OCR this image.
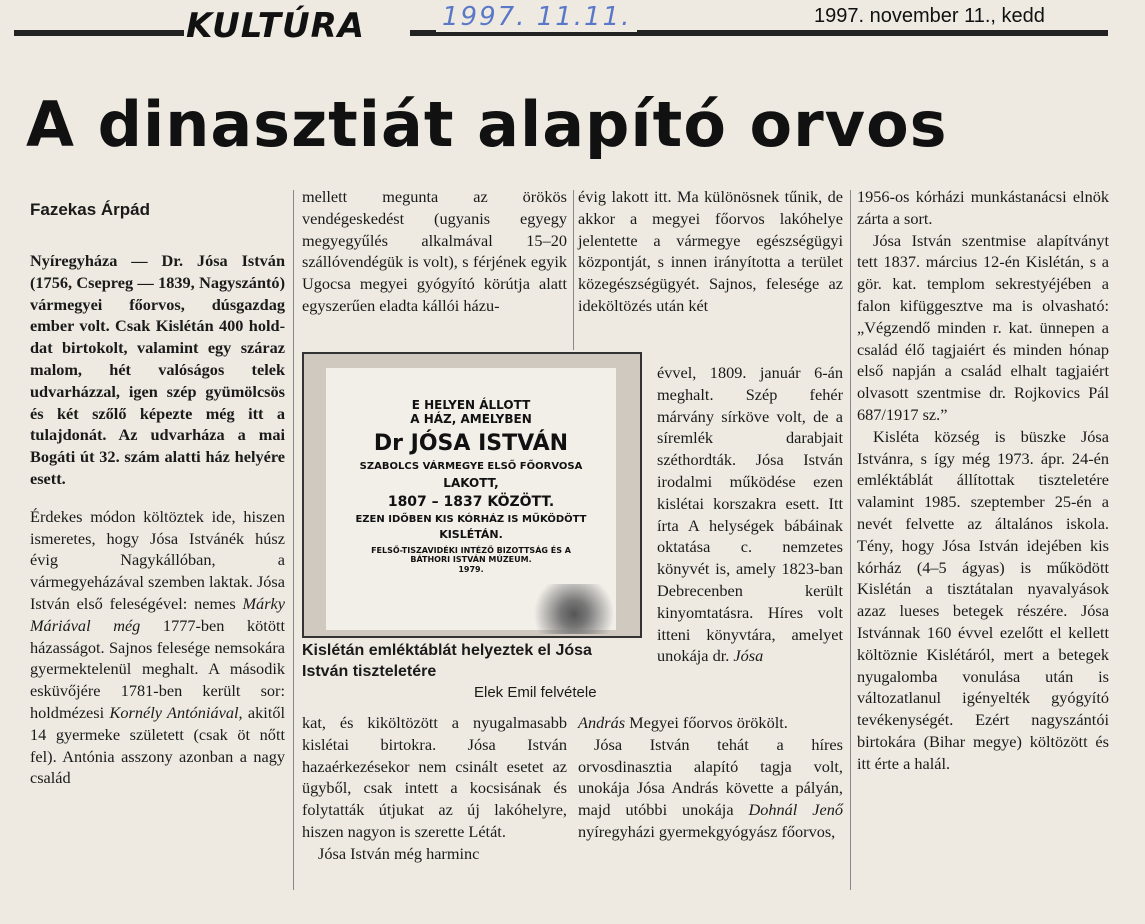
KULTÚRA	1997. 11.11.	1997. november 11., kedd
A dinasztiát alapító orvos
Fazekas Árpád

Nyíregyháza — Dr. Jósa István (1756, Csepreg — 1839, Nagyszántó) vármegyei főorvos, dúsgazdag ember volt. Csak Kislétán 400 holddat birtokolt, valamint egy száraz malom, hét valóságos telek udvarházzal, igen szép gyümölcsös és két szőlő képezte még itt a tulajdonát. Az udvarháza a mai Bogáti út 32. szám alatti ház helyére esett.

Érdekes módon költöztek ide, hiszen ismeretes, hogy Jósa Istvánék húsz évig Nagykállóban, a vármegyeházával szemben laktak. Jósa István első feleségével: nemes Márky Máriával még 1777-ben kötött házasságot. Sajnos felesége nemsokára gyermektelenül meghalt. A második esküvőjére 1781-ben került sor: holdmézesi Kornély Antóniával, akitől 14 gyermeke született (csak öt nőtt fel). Antónia asszony azonban a nagy család

mellett megunta az örökös vendégeskedést (ugyanis egyegy megyegyűlés alkalmával 15–20 szállóvendégük is volt), s férjének egyik Ugocsa megyei gyógyító körútja alatt egyszerűen eladta kállói házu-

E HELYEN ÁLLOTT
A HÁZ, AMELYBEN
Dr JÓSA ISTVÁN
SZABOLCS VÁRMEGYE ELSŐ FŐORVOSA
LAKOTT,
1807 – 1837 KÖZÖTT.
EZEN IDŐBEN KIS KÓRHÁZ IS MŰKÖDÖTT
KISLÉTÁN.
FELSŐ-TISZAVIDÉKI INTÉZŐ BIZOTTSÁG ÉS A
BÁTHORI ISTVÁN MÚZEUM.
1979.
Kislétán emléktáblát helyeztek el Jósa István tiszteletére
Elek Emil felvétele

kat, és kiköltözött a nyugalmasabb kislétai birtokra. Jósa István hazaérkezésekor nem csinált esetet az ügyből, csak intett a kocsisának és folytatták útjukat az új lakóhelyre, hiszen nagyon is szerette Létát.

Jósa István még harminc

évig lakott itt. Ma különösnek tűnik, de akkor a megyei főorvos lakóhelye jelentette a vármegye egészségügyi központját, s innen irányította a terület közegészségügyét. Sajnos, felesége az ideköltözés után két

évvel, 1809. január 6-án meghalt. Szép fehér márvány sírköve volt, de a síremlék darabjait széthordták. Jósa István irodalmi működése ezen kislétai korszakra esett. Itt írta A helységek bábáinak oktatása c. nemzetes könyvét is, amely 1823-ban Debrecenben került kinyomtatásra. Híres volt itteni könyvtára, amelyet unokája dr. Jósa

András Megyei főorvos örökölt.

Jósa István tehát a híres orvosdinasztia alapító tagja volt, unokája Jósa András követte a pályán, majd utóbbi unokája Dohnál Jenő nyíregyházi gyermekgyógyász főorvos,

1956-os kórházi munkástanácsi elnök zárta a sort.

Jósa István szentmise alapítványt tett 1837. március 12-én Kislétán, s a gör. kat. templom sekrestyéjében a falon kifüggesztve ma is olvasható: „Végzendő minden r. kat. ünnepen a család élő tagjaiért és minden hónap első napján a család elhalt tagjaiért olvasott szentmise dr. Rojkovics Pál 687/1917 sz.”

Kisléta község is büszke Jósa Istvánra, s így még 1973. ápr. 24-én emléktáblát állítottak tiszteletére valamint 1985. szeptember 25-én a nevét felvette az általános iskola. Tény, hogy Jósa István idejében kis kórház (4–5 ágyas) is működött Kislétán a tisztátalan nyavalyások azaz lueses betegek részére. Jósa Istvánnak 160 évvel ezelőtt el kellett költöznie Kislétáról, mert a betegek nyugalomba vonulása után is változatlanul igényelték gyógyító tevékenységét. Ezért nagyszántói birtokára (Bihar megye) költözött és itt érte a halál.
